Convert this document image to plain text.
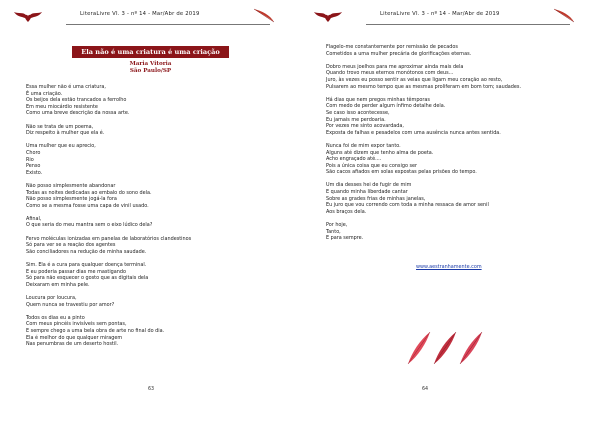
LiteraLivre VI. 3 - nº 14 - Mar/Abr de 2019
Ela não é uma criatura é uma criação
Maria Vitoria
São Paulo/SP
Essa mulher não é uma criatura,
É uma criação.
Os beijos dela estão trancados a ferrolho
Em meu miocárdio resistente
Como uma breve descrição da nossa arte.
Não se trata de um poema,
Diz respeito à mulher que ela é.
Uma mulher que eu aprecio,
Choro
Rio
Penso
Existo.
Não posso simplesmente abandonar
Todas as noites dedicadas ao embalo do sono dela.
Não posso simplesmente jogá-la fora
Como se a mesma fosse uma capa de vinil usado.
Afinal,
O que seria do meu mantra sem o eixo lúdico dela?
Fervo moléculas ionizadas em panelas de laboratórios clandestinos
Só para ver se a reação dos agentes
São conciliadores na redução de minha saudade.
Sim. Ela é a cura para qualquer doença terminal.
E eu poderia passar dias me mastigando
Só para não esquecer o gosto que as digitais dela
Deixaram em minha pele.
Loucura por loucura,
Quem nunca se travestiu por amor?
Todos os dias eu a pinto
Com meus pincéis invisíveis sem pontas,
E sempre chego a uma bela obra de arte no final do dia.
Ela é melhor do que qualquer miragem
Nas penumbras de um deserto hostil.
63
LiteraLivre VI. 3 - nº 14 - Mar/Abr de 2019
Flagelo-me constantemente por remissão de pecados
Cometidos a uma mulher precária de glorificações eternas.
Dobro meus joelhos para me aproximar ainda mais dela
Quando trovo meus eternos monótonos com deus...
Juro, às vezes eu posso sentir as veias que ligam meu coração ao resto,
Pulsarem ao mesmo tempo que as mesmas proliferam em bom tom; saudades.
Há dias que nem pregos minhas têmporas
Com medo de perder algum ínfimo detalhe dela.
Se caso isso acontecesse,
Eu jamais me perdoaria.
Por vezes me sinto acovardada,
Exposta de falhas e pesadelos com uma ausência nunca antes sentida.
Nunca foi de mim expor tanto.
Alguns até dizem que tenho alma de poeta.
Acho engraçado até....
Pois a única coisa que eu consigo ser
São cacos afiados em solas expostas pelas prisões do tempo.
Um dia desses hei de fugir de mim
E quando minha liberdade cantar
Sobre as grades frias de minhas janelas,
Eu juro que vou correndo com toda a minha ressaca de amor senil
Aos braços dela.
Por hoje,
Tanto,
E para sempre.
www.aestranhamente.com
64
